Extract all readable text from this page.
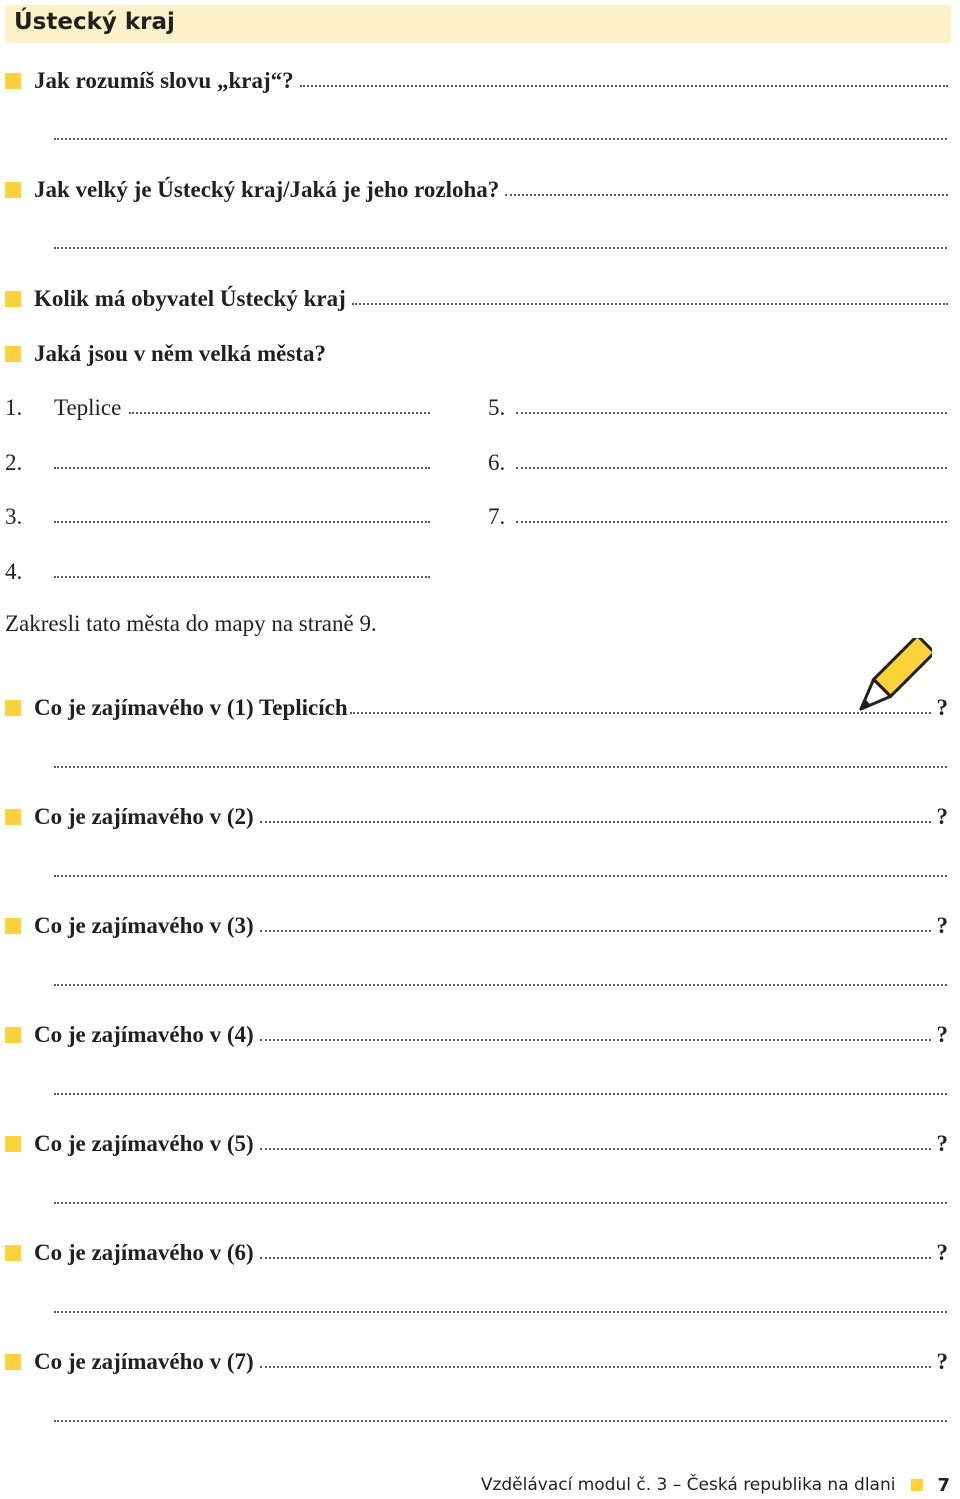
Ústecký kraj
Jak rozumíš slovu „kraj“?
Jak velký je Ústecký kraj/Jaká je jeho rozloha?
Kolik má obyvatel Ústecký kraj
Jaká jsou v něm velká města?
1.	Teplice
2.
3.
4.
5.
6.
7.
Zakresli tato města do mapy na straně 9.
Co je zajímavého v (1) Teplicích	?
Co je zajímavého v (2)	?
Co je zajímavého v (3)	?
Co je zajímavého v (4)	?
Co je zajímavého v (5)	?
Co je zajímavého v (6)	?
Co je zajímavého v (7)	?
Vzdělávací modul č. 3 – Česká republika na dlani 7
